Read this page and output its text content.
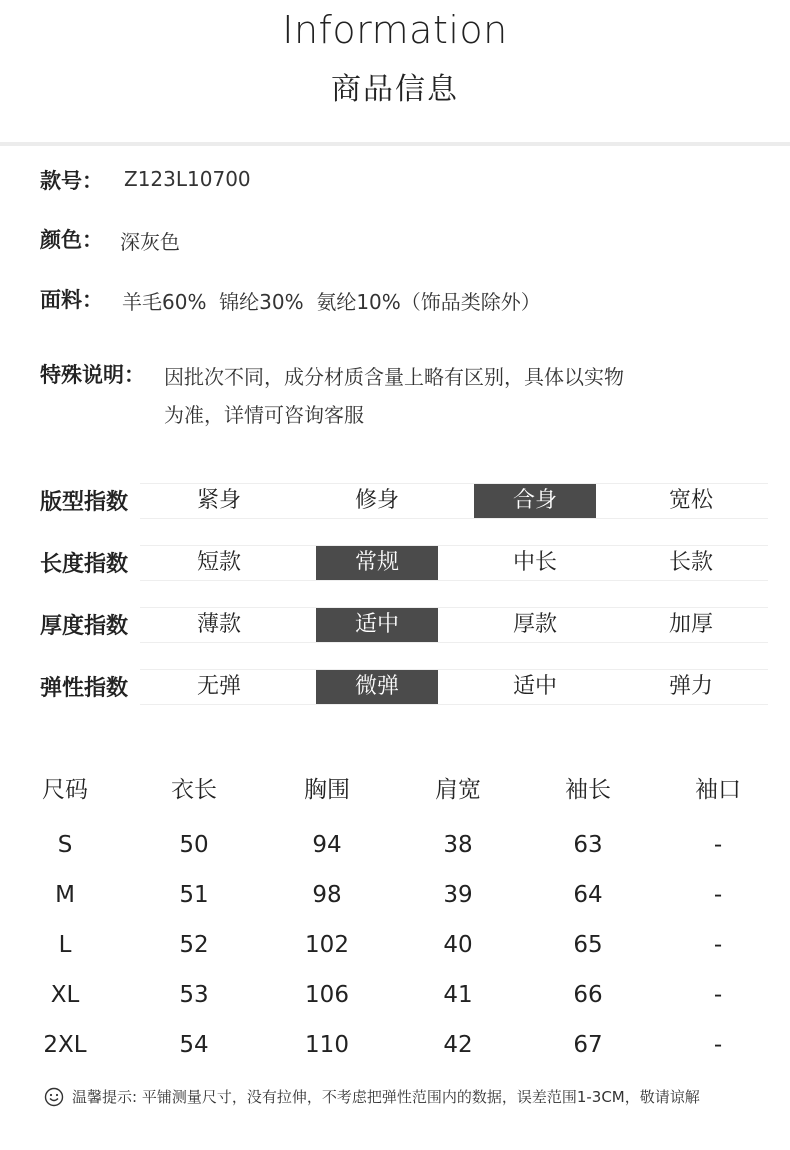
Information
商品信息
款号： Z123L10700
颜色： 深灰色
面料： 羊毛60%  锦纶30%  氨纶10%（饰品类除外）
特殊说明： 因批次不同，成分材质含量上略有区别，具体以实物
为准，详情可咨询客服
版型指数	紧身	修身	合身	宽松
长度指数	短款	常规	中长	长款
厚度指数	薄款	适中	厚款	加厚
弹性指数	无弹	微弹	适中	弹力
尺码	衣长	胸围	肩宽	袖长	袖口
S	50	94	38	63	-
M	51	98	39	64	-
L	52	102	40	65	-
XL	53	106	41	66	-
2XL	54	110	42	67	-
温馨提示: 平铺测量尺寸，没有拉伸，不考虑把弹性范围内的数据，误差范围1-3CM，敬请谅解
